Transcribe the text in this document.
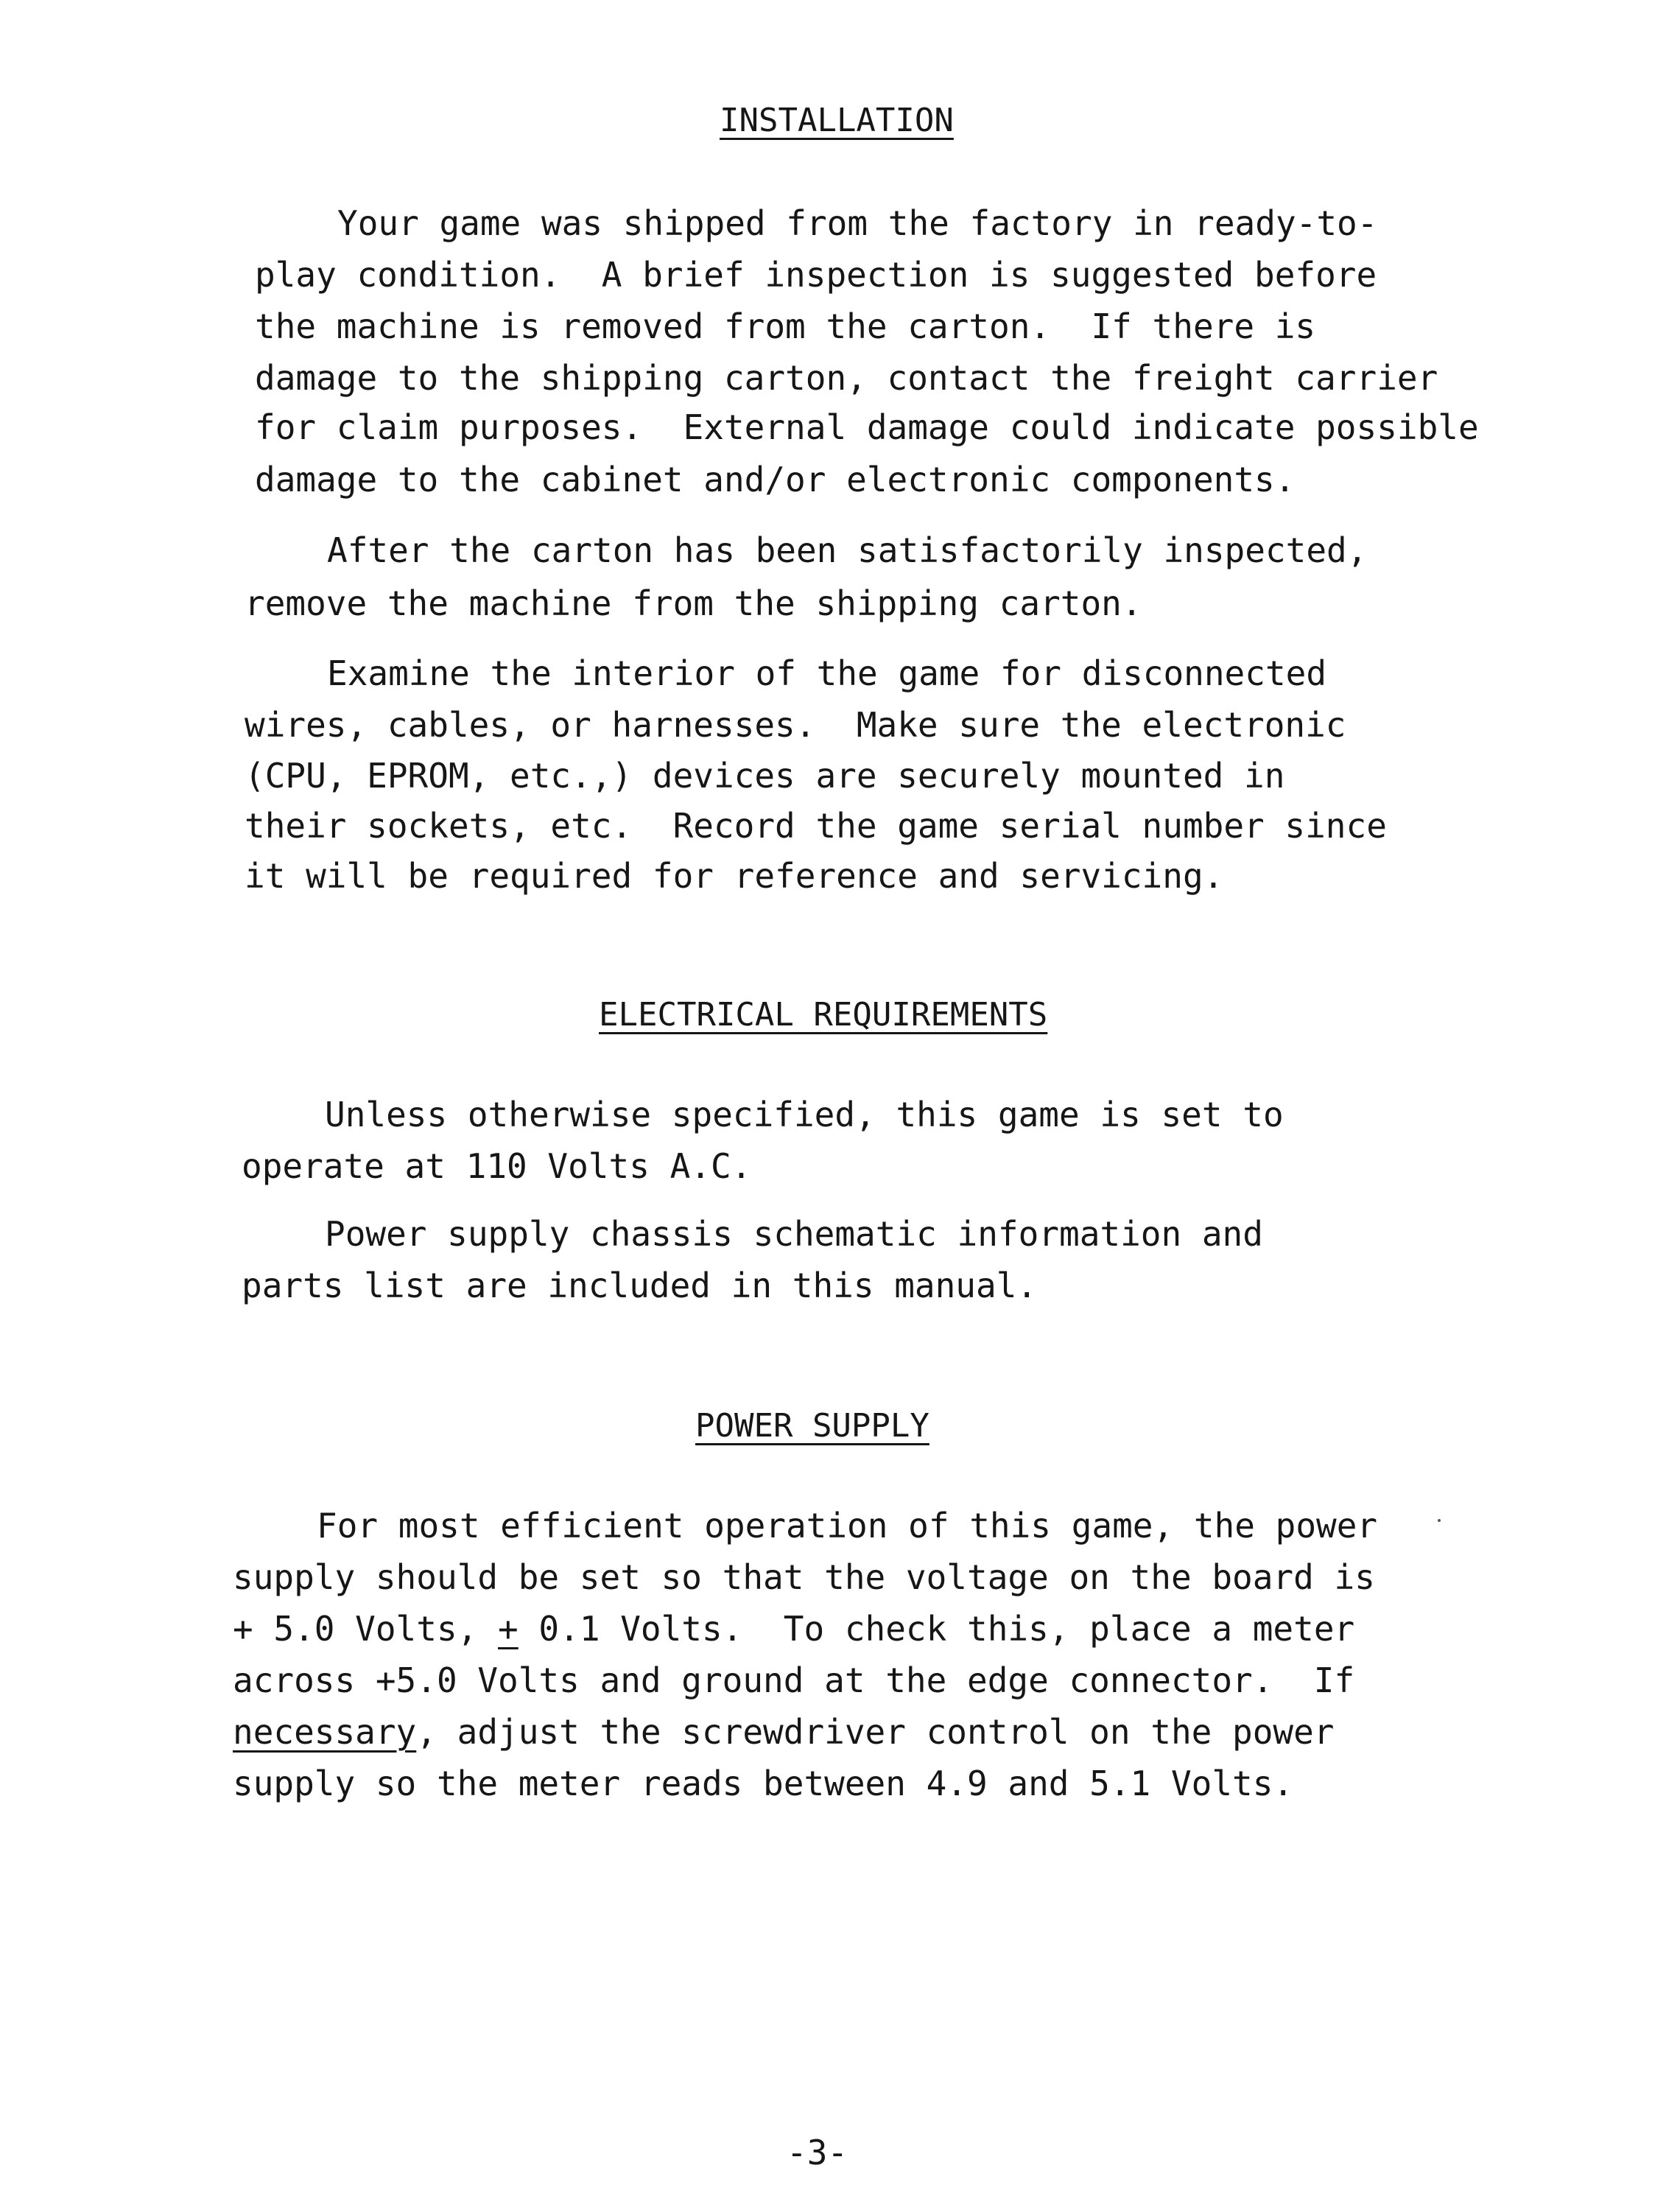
INSTALLATION

Your game was shipped from the factory in ready-to-

play condition.  A brief inspection is suggested before

the machine is removed from the carton.  If there is

damage to the shipping carton, contact the freight carrier

for claim purposes.  External damage could indicate possible

damage to the cabinet and/or electronic components.

After the carton has been satisfactorily inspected,

remove the machine from the shipping carton.

Examine the interior of the game for disconnected

wires, cables, or harnesses.  Make sure the electronic

(CPU, EPROM, etc.,) devices are securely mounted in

their sockets, etc.  Record the game serial number since

it will be required for reference and servicing.

ELECTRICAL REQUIREMENTS

Unless otherwise specified, this game is set to

operate at 110 Volts A.C.

Power supply chassis schematic information and

parts list are included in this manual.

POWER SUPPLY

For most efficient operation of this game, the power

supply should be set so that the voltage on the board is

+ 5.0 Volts, + 0.1 Volts.  To check this, place a meter

across +5.0 Volts and ground at the edge connector.  If

necessary, adjust the screwdriver control on the power

supply so the meter reads between 4.9 and 5.1 Volts.

-3-
